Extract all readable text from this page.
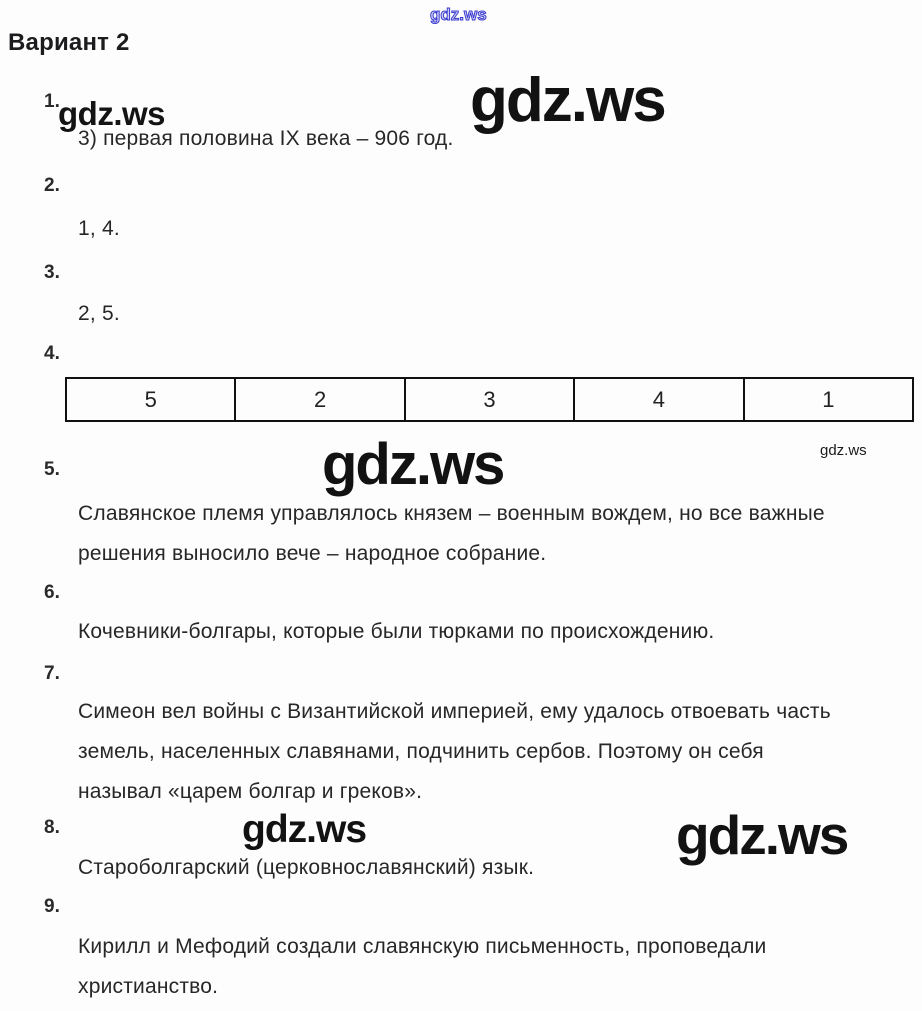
gdz.ws
gdz.ws	gdz.ws
gdz.ws
gdz.ws
gdz.ws	gdz.ws
Вариант 2
1.
3) первая половина IX века – 906 год.
2.
1, 4.
3.
2, 5.
4.
5	2	3	4	1
5.
Славянское племя управлялось князем – военным вождем, но все важные
решения выносило вече – народное собрание.
6.
Кочевники-болгары, которые были тюрками по происхождению.
7.
Симеон вел войны с Византийской империей, ему удалось отвоевать часть
земель, населенных славянами, подчинить сербов. Поэтому он себя
называл «царем болгар и греков».
8.
Староболгарский (церковнославянский) язык.
9.
Кирилл и Мефодий создали славянскую письменность, проповедали
христианство.
